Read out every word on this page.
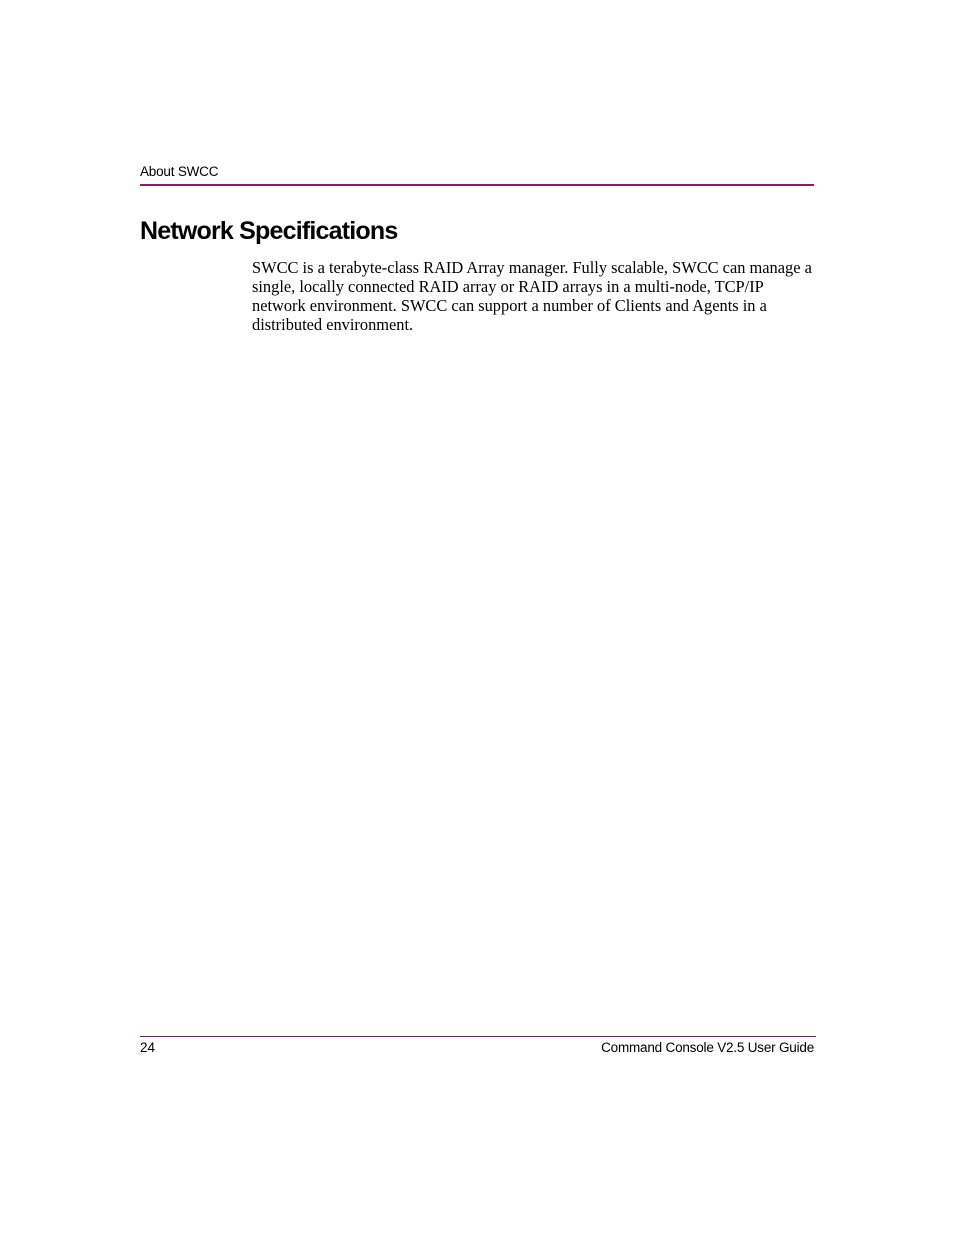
About SWCC
Network Specifications

SWCC is a terabyte-class RAID Array manager. Fully scalable, SWCC can manage a single, locally connected RAID array or RAID arrays in a multi-node, TCP/IP network environment. SWCC can support a number of Clients and Agents in a distributed environment.

24	Command Console V2.5 User Guide
